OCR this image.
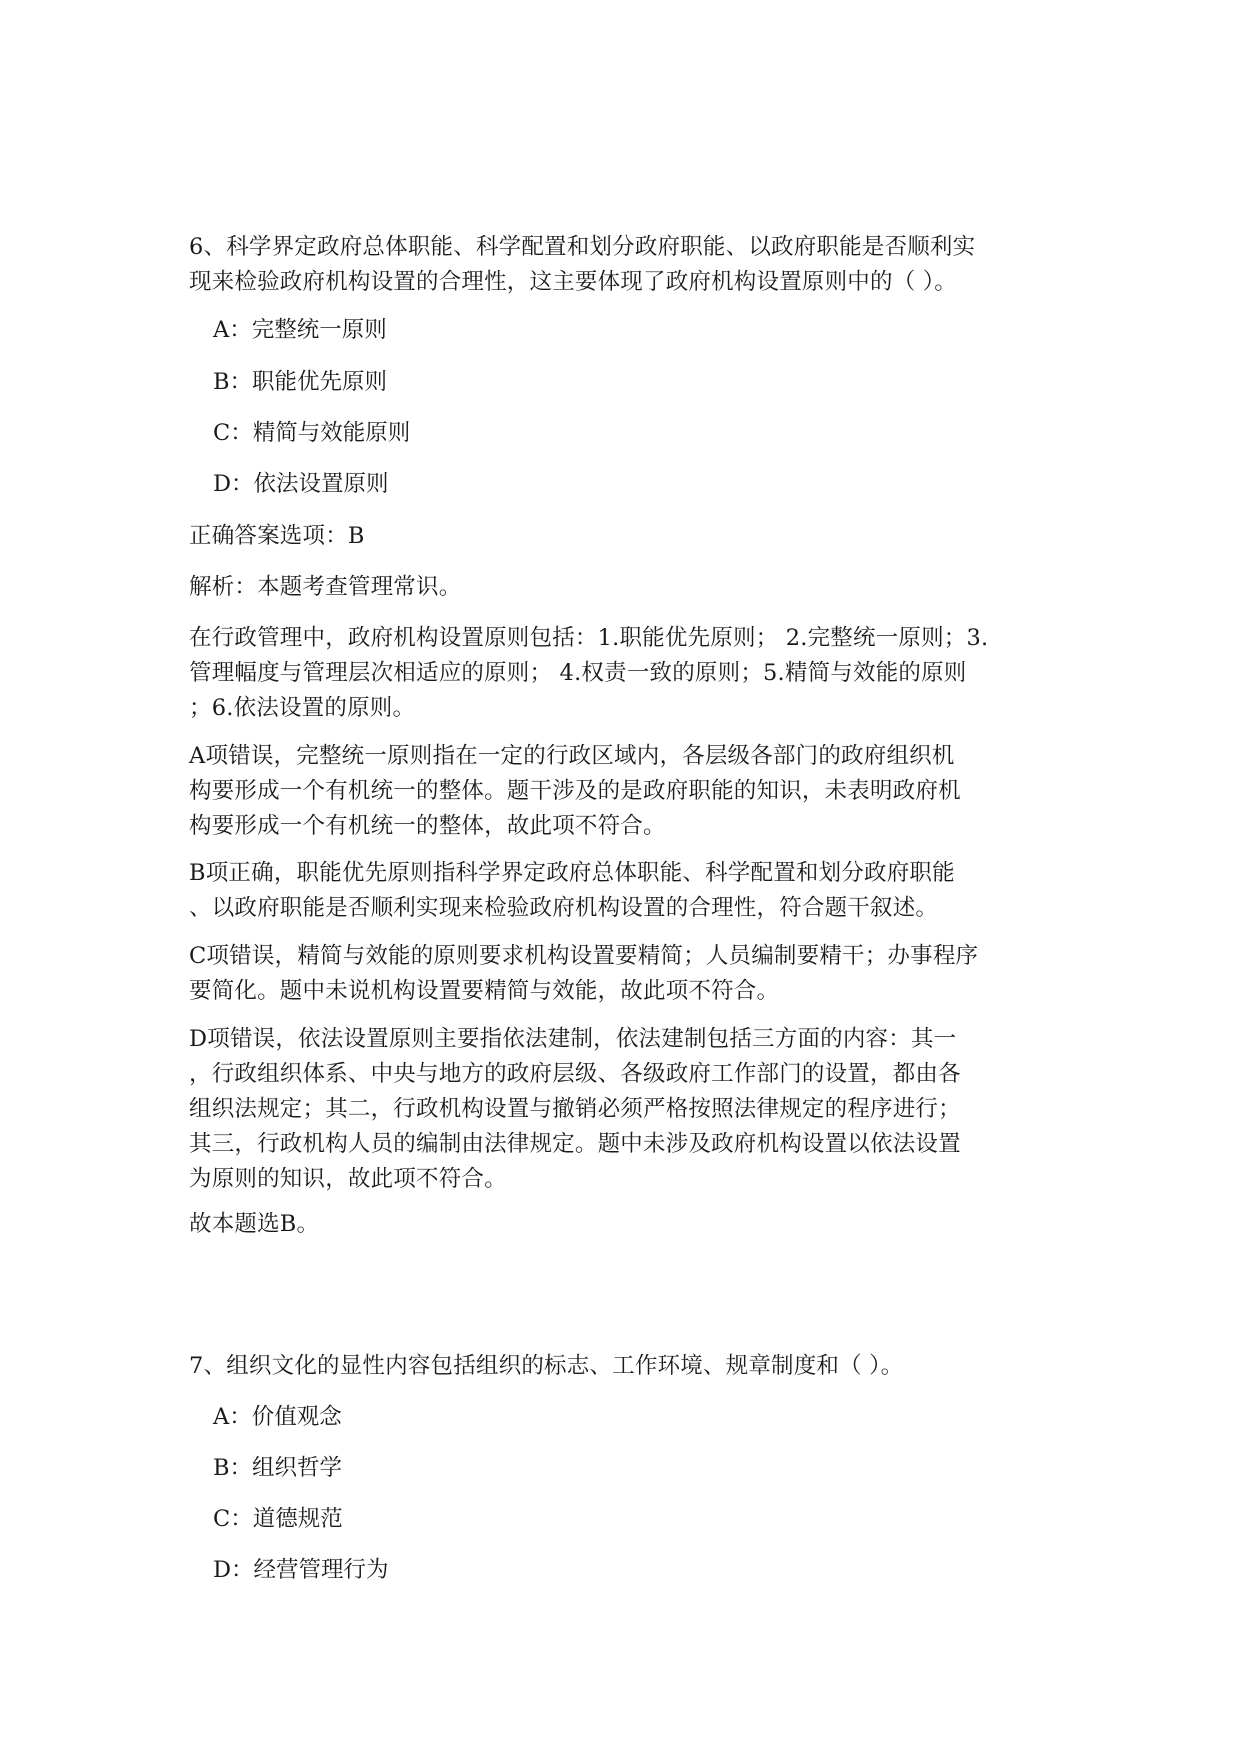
6、科学界定政府总体职能、科学配置和划分政府职能、以政府职能是否顺利实
现来检验政府机构设置的合理性，这主要体现了政府机构设置原则中的（ ）。
A：完整统一原则
B：职能优先原则
C：精简与效能原则
D：依法设置原则
正确答案选项：B
解析：本题考查管理常识。
在行政管理中，政府机构设置原则包括：1.职能优先原则； 2.完整统一原则；3.
管理幅度与管理层次相适应的原则； 4.权责一致的原则；5.精简与效能的原则
；6.依法设置的原则。
A项错误，完整统一原则指在一定的行政区域内，各层级各部门的政府组织机
构要形成一个有机统一的整体。题干涉及的是政府职能的知识，未表明政府机
构要形成一个有机统一的整体，故此项不符合。
B项正确，职能优先原则指科学界定政府总体职能、科学配置和划分政府职能
、以政府职能是否顺利实现来检验政府机构设置的合理性，符合题干叙述。
C项错误，精简与效能的原则要求机构设置要精简；人员编制要精干；办事程序
要简化。题中未说机构设置要精简与效能，故此项不符合。
D项错误，依法设置原则主要指依法建制，依法建制包括三方面的内容：其一
，行政组织体系、中央与地方的政府层级、各级政府工作部门的设置，都由各
组织法规定；其二，行政机构设置与撤销必须严格按照法律规定的程序进行；
其三，行政机构人员的编制由法律规定。题中未涉及政府机构设置以依法设置
为原则的知识，故此项不符合。
故本题选B。
7、组织文化的显性内容包括组织的标志、工作环境、规章制度和（ ）。
A：价值观念
B：组织哲学
C：道德规范
D：经营管理行为
